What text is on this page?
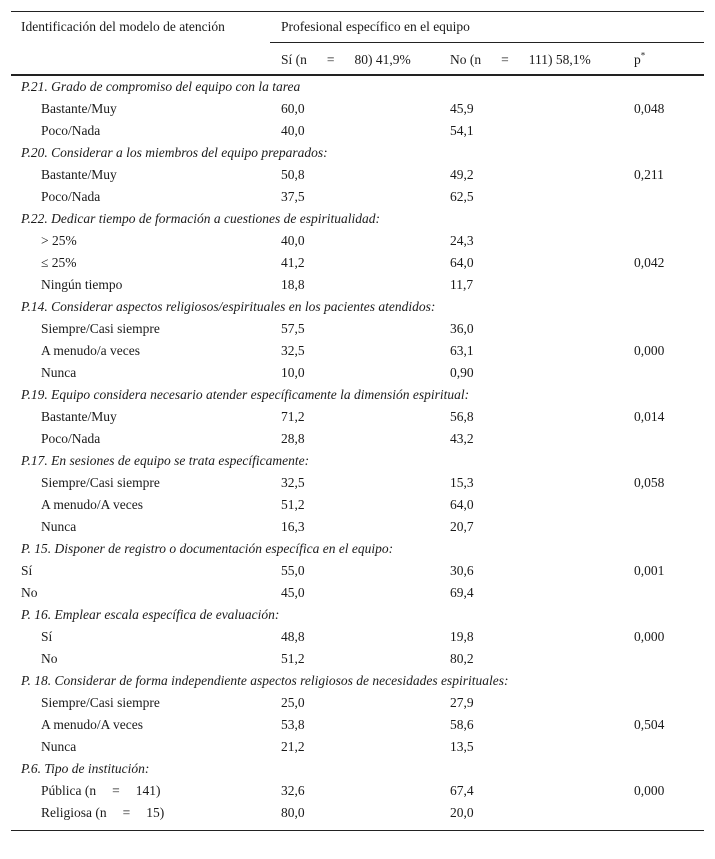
Identificación del modelo de atención	Profesional específico en el equipo
Sí (n = 80) 41,9%	No (n = 111) 58,1%	p*
P.21. Grado de compromiso del equipo con la tarea
Bastante/Muy	60,0	45,9	0,048
Poco/Nada	40,0	54,1
P.20. Considerar a los miembros del equipo preparados:
Bastante/Muy	50,8	49,2	0,211
Poco/Nada	37,5	62,5
P.22. Dedicar tiempo de formación a cuestiones de espiritualidad:
> 25%	40,0	24,3
≤ 25%	41,2	64,0	0,042
Ningún tiempo	18,8	11,7
P.14. Considerar aspectos religiosos/espirituales en los pacientes atendidos:
Siempre/Casi siempre	57,5	36,0
A menudo/a veces	32,5	63,1	0,000
Nunca	10,0	0,90
P.19. Equipo considera necesario atender específicamente la dimensión espiritual:
Bastante/Muy	71,2	56,8	0,014
Poco/Nada	28,8	43,2
P.17. En sesiones de equipo se trata específicamente:
Siempre/Casi siempre	32,5	15,3	0,058
A menudo/A veces	51,2	64,0
Nunca	16,3	20,7
P. 15. Disponer de registro o documentación específica en el equipo:
Sí	55,0	30,6	0,001
No	45,0	69,4
P. 16. Emplear escala específica de evaluación:
Sí	48,8	19,8	0,000
No	51,2	80,2
P. 18. Considerar de forma independiente aspectos religiosos de necesidades espirituales:
Siempre/Casi siempre	25,0	27,9
A menudo/A veces	53,8	58,6	0,504
Nunca	21,2	13,5
P.6. Tipo de institución:
Pública (n = 141)	32,6	67,4	0,000
Religiosa (n = 15)	80,0	20,0
